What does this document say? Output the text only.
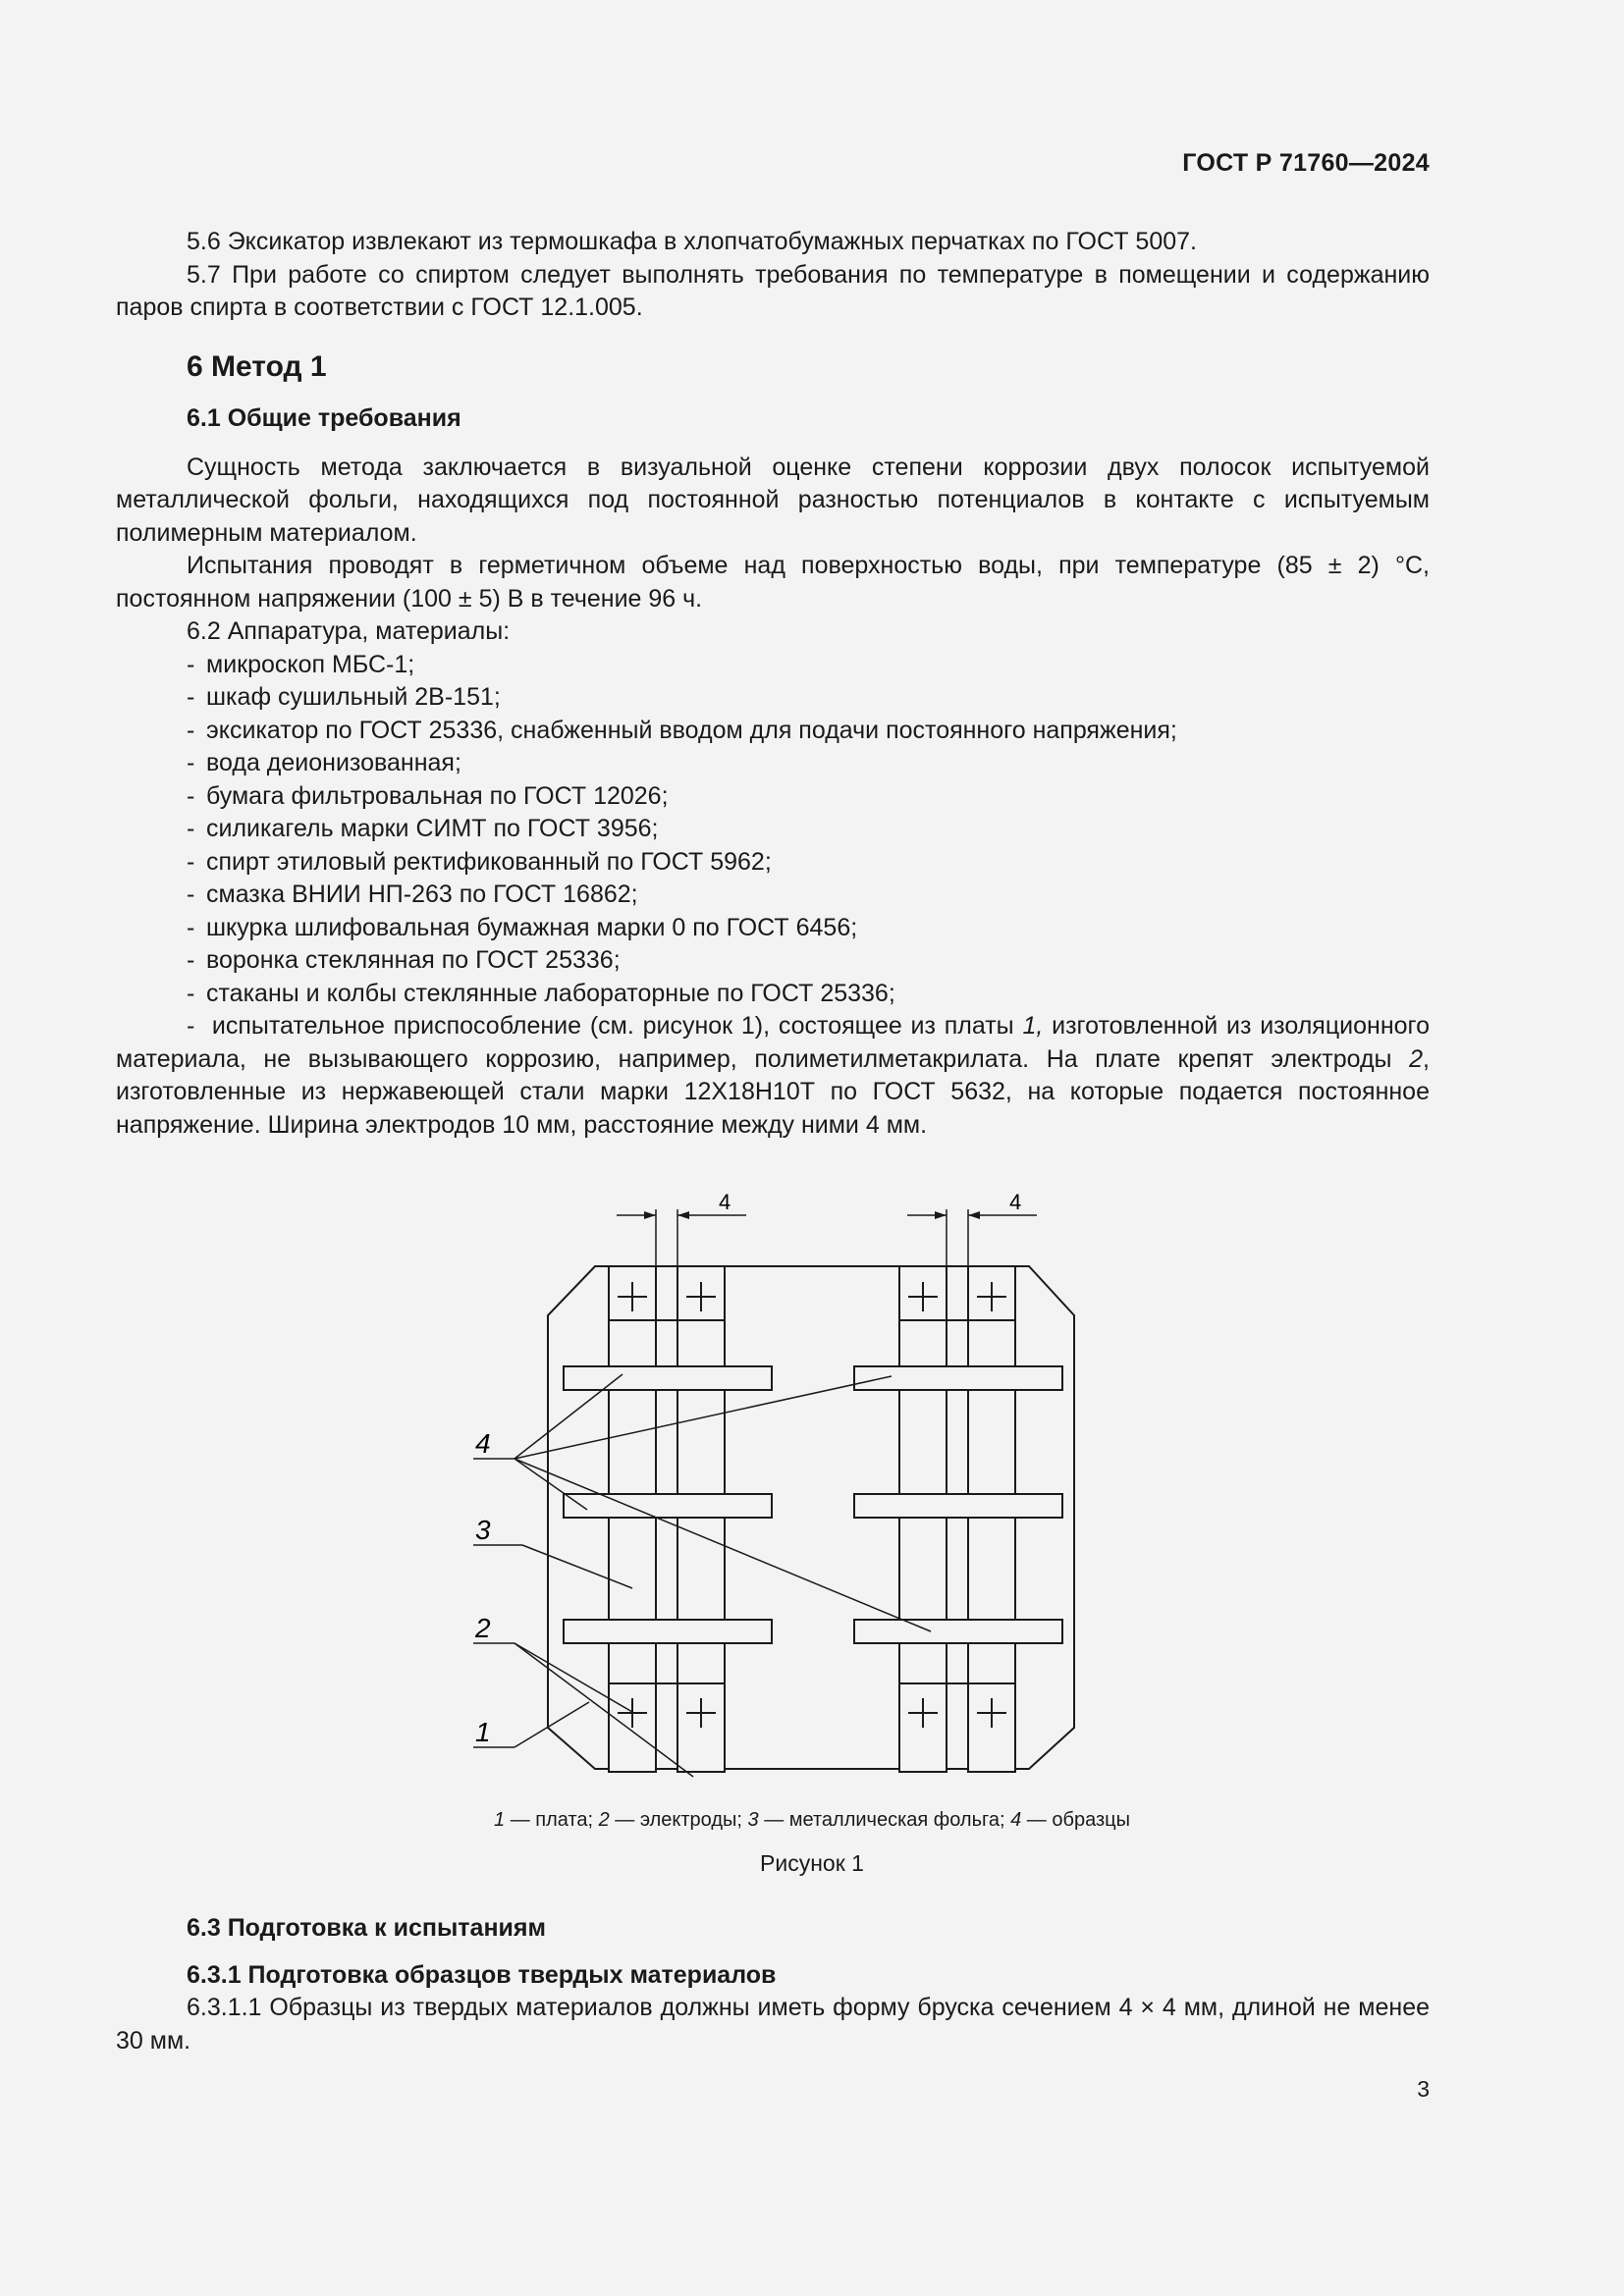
ГОСТ Р 71760—2024

5.6 Эксикатор извлекают из термошкафа в хлопчатобумажных перчатках по ГОСТ 5007.

5.7 При работе со спиртом следует выполнять требования по температуре в помещении и содержанию паров спирта в соответствии с ГОСТ 12.1.005.

6 Метод 1

6.1 Общие требования

Сущность метода заключается в визуальной оценке степени коррозии двух полосок испытуемой металлической фольги, находящихся под постоянной разностью потенциалов в контакте с испытуемым полимерным материалом.

Испытания проводят в герметичном объеме над поверхностью воды, при температуре (85 ± 2) °С, постоянном напряжении (100 ± 5) В в течение 96 ч.

6.2 Аппаратура, материалы:

- микроскоп МБС-1;

- шкаф сушильный 2В-151;

- эксикатор по ГОСТ 25336, снабженный вводом для подачи постоянного напряжения;

- вода деионизованная;

- бумага фильтровальная по ГОСТ 12026;

- силикагель марки СИМТ по ГОСТ 3956;

- спирт этиловый ректификованный по ГОСТ 5962;

- смазка ВНИИ НП-263 по ГОСТ 16862;

- шкурка шлифовальная бумажная марки 0 по ГОСТ 6456;

- воронка стеклянная по ГОСТ 25336;

- стаканы и колбы стеклянные лабораторные по ГОСТ 25336;

-  испытательное приспособление (см. рисунок 1), состоящее из платы 1, изготовленной из изоляционного материала, не вызывающего коррозию, например, полиметилметакрилата. На плате крепят электроды 2, изготовленные из нержавеющей стали марки 12Х18Н10Т по ГОСТ 5632, на которые подается постоянное напряжение. Ширина электродов 10 мм, расстояние между ними 4 мм.

4	4
4
3
2
1
1 — плата; 2 — электроды; 3 — металлическая фольга; 4 — образцы
Рисунок 1

6.3 Подготовка к испытаниям

6.3.1 Подготовка образцов твердых материалов

6.3.1.1 Образцы из твердых материалов должны иметь форму бруска сечением 4 × 4 мм, длиной не менее 30 мм.

3
